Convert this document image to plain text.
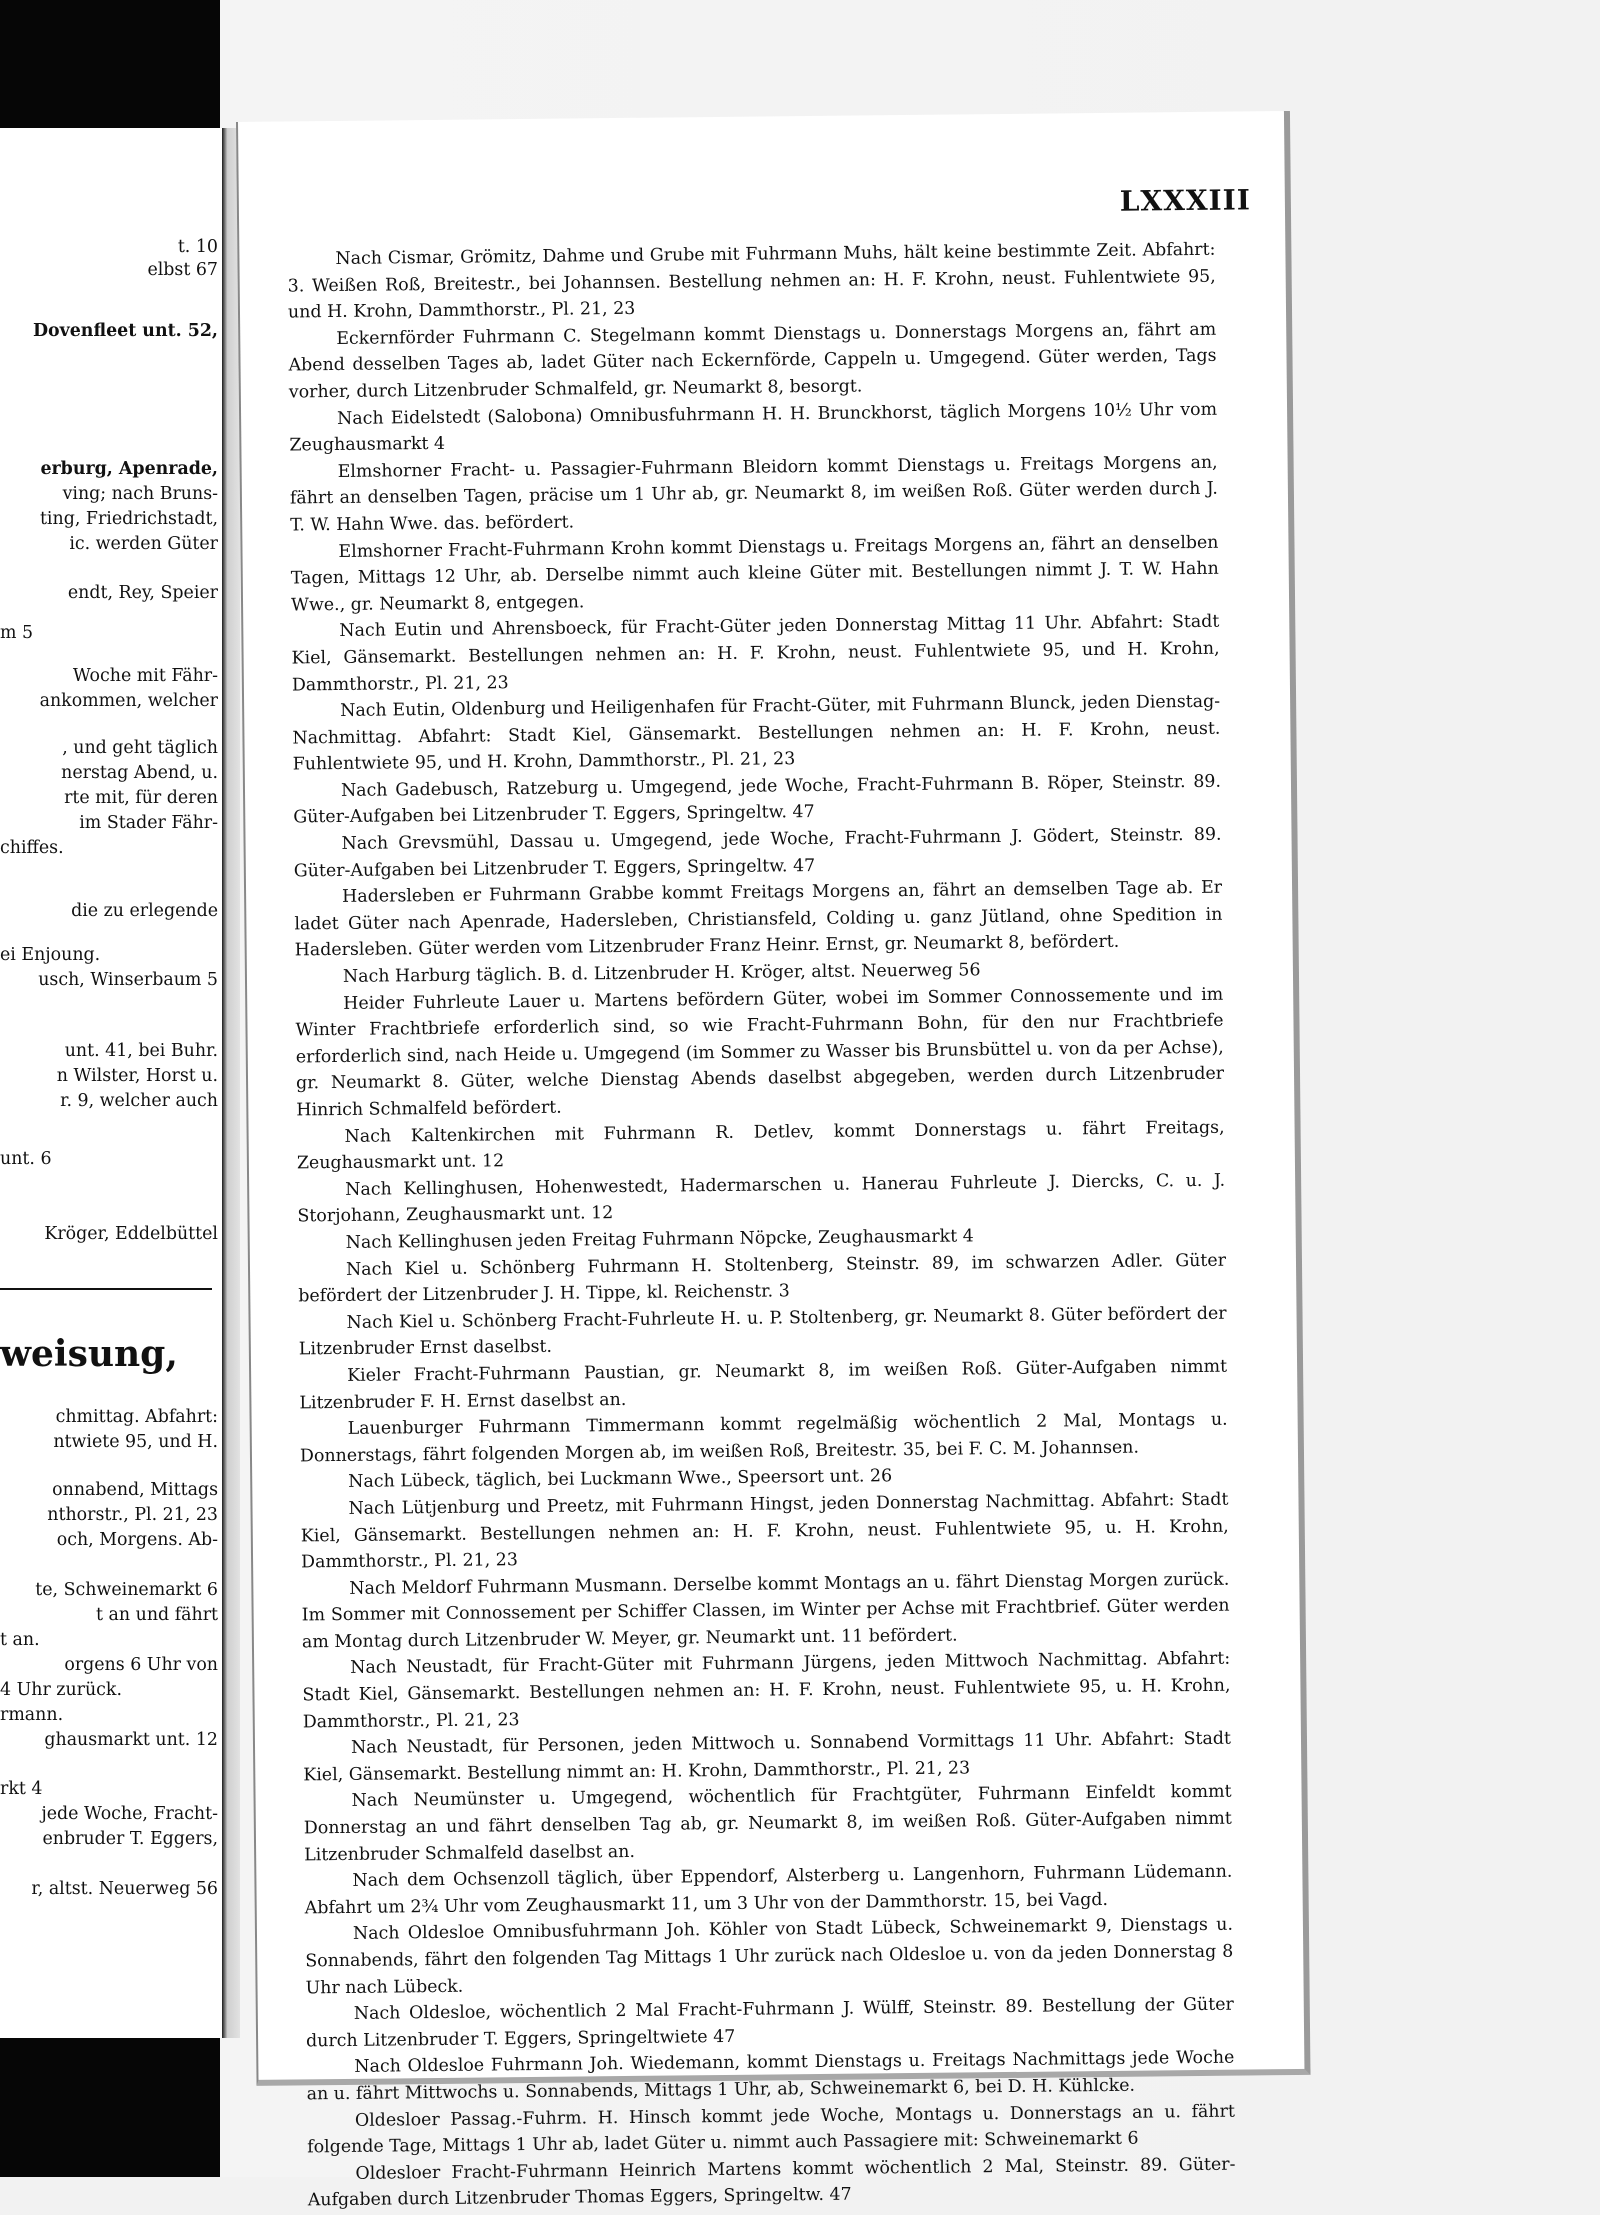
t. 10
elbst 67
Dovenfleet unt. 52,
erburg, Apenrade,
ving; nach Bruns-
ting, Friedrichstadt,
ic. werden Güter
endt, Rey, Speier
m 5
Woche mit Fähr-
ankommen, welcher
, und geht täglich
nerstag Abend, u.
rte mit, für deren
im Stader Fähr-
chiffes.
die zu erlegende
ei Enjoung.
usch, Winserbaum 5
unt. 41, bei Buhr.
n Wilster, Horst u.
r. 9, welcher auch
unt. 6
Kröger, Eddelbüttel
weisung,
chmittag. Abfahrt:
ntwiete 95, und H.
onnabend, Mittags
nthorstr., Pl. 21, 23
och, Morgens. Ab-
te, Schweinemarkt 6
t an und fährt
t an.
orgens 6 Uhr von
4 Uhr zurück.
rmann.
ghausmarkt unt. 12
rkt 4
jede Woche, Fracht-
enbruder T. Eggers,
r, altst. Neuerweg 56
LXXXIII

Nach Cismar, Grömitz, Dahme und Grube mit Fuhrmann Muhs, hält keine bestimmte Zeit. Abfahrt: 3. Weißen Roß, Breitestr., bei Johannsen. Bestellung nehmen an: H. F. Krohn, neust. Fuhlentwiete 95, und H. Krohn, Dammthorstr., Pl. 21, 23

Eckernförder Fuhrmann C. Stegelmann kommt Dienstags u. Donnerstags Morgens an, fährt am Abend desselben Tages ab, ladet Güter nach Eckernförde, Cappeln u. Umgegend. Güter werden, Tags vorher, durch Litzenbruder Schmalfeld, gr. Neumarkt 8, besorgt.

Nach Eidelstedt (Salobona) Omnibusfuhrmann H. H. Brunckhorst, täglich Morgens 10½ Uhr vom Zeughausmarkt 4

Elmshorner Fracht- u. Passagier-Fuhrmann Bleidorn kommt Dienstags u. Freitags Morgens an, fährt an denselben Tagen, präcise um 1 Uhr ab, gr. Neumarkt 8, im weißen Roß. Güter werden durch J. T. W. Hahn Wwe. das. befördert.

Elmshorner Fracht-Fuhrmann Krohn kommt Dienstags u. Freitags Morgens an, fährt an denselben Tagen, Mittags 12 Uhr, ab. Derselbe nimmt auch kleine Güter mit. Bestellungen nimmt J. T. W. Hahn Wwe., gr. Neumarkt 8, entgegen.

Nach Eutin und Ahrensboeck, für Fracht-Güter jeden Donnerstag Mittag 11 Uhr. Abfahrt: Stadt Kiel, Gänsemarkt. Bestellungen nehmen an: H. F. Krohn, neust. Fuhlentwiete 95, und H. Krohn, Dammthorstr., Pl. 21, 23

Nach Eutin, Oldenburg und Heiligenhafen für Fracht-Güter, mit Fuhrmann Blunck, jeden Dienstag-Nachmittag. Abfahrt: Stadt Kiel, Gänsemarkt. Bestellungen nehmen an: H. F. Krohn, neust. Fuhlentwiete 95, und H. Krohn, Dammthorstr., Pl. 21, 23

Nach Gadebusch, Ratzeburg u. Umgegend, jede Woche, Fracht-Fuhrmann B. Röper, Steinstr. 89. Güter-Aufgaben bei Litzenbruder T. Eggers, Springeltw. 47

Nach Grevsmühl, Dassau u. Umgegend, jede Woche, Fracht-Fuhrmann J. Gödert, Steinstr. 89. Güter-Aufgaben bei Litzenbruder T. Eggers, Springeltw. 47

Hadersleben er Fuhrmann Grabbe kommt Freitags Morgens an, fährt an demselben Tage ab. Er ladet Güter nach Apenrade, Hadersleben, Christiansfeld, Colding u. ganz Jütland, ohne Spedition in Hadersleben. Güter werden vom Litzenbruder Franz Heinr. Ernst, gr. Neumarkt 8, befördert.

Nach Harburg täglich. B. d. Litzenbruder H. Kröger, altst. Neuerweg 56

Heider Fuhrleute Lauer u. Martens befördern Güter, wobei im Sommer Connossemente und im Winter Frachtbriefe erforderlich sind, so wie Fracht-Fuhrmann Bohn, für den nur Frachtbriefe erforderlich sind, nach Heide u. Umgegend (im Sommer zu Wasser bis Brunsbüttel u. von da per Achse), gr. Neumarkt 8. Güter, welche Dienstag Abends daselbst abgegeben, werden durch Litzenbruder Hinrich Schmalfeld befördert.

Nach Kaltenkirchen mit Fuhrmann R. Detlev, kommt Donnerstags u. fährt Freitags, Zeughausmarkt unt. 12

Nach Kellinghusen, Hohenwestedt, Hadermarschen u. Hanerau Fuhrleute J. Diercks, C. u. J. Storjohann, Zeughausmarkt unt. 12

Nach Kellinghusen jeden Freitag Fuhrmann Nöpcke, Zeughausmarkt 4

Nach Kiel u. Schönberg Fuhrmann H. Stoltenberg, Steinstr. 89, im schwarzen Adler. Güter befördert der Litzenbruder J. H. Tippe, kl. Reichenstr. 3

Nach Kiel u. Schönberg Fracht-Fuhrleute H. u. P. Stoltenberg, gr. Neumarkt 8. Güter befördert der Litzenbruder Ernst daselbst.

Kieler Fracht-Fuhrmann Paustian, gr. Neumarkt 8, im weißen Roß. Güter-Aufgaben nimmt Litzenbruder F. H. Ernst daselbst an.

Lauenburger Fuhrmann Timmermann kommt regelmäßig wöchentlich 2 Mal, Montags u. Donnerstags, fährt folgenden Morgen ab, im weißen Roß, Breitestr. 35, bei F. C. M. Johannsen.

Nach Lübeck, täglich, bei Luckmann Wwe., Speersort unt. 26

Nach Lütjenburg und Preetz, mit Fuhrmann Hingst, jeden Donnerstag Nachmittag. Abfahrt: Stadt Kiel, Gänsemarkt. Bestellungen nehmen an: H. F. Krohn, neust. Fuhlentwiete 95, u. H. Krohn, Dammthorstr., Pl. 21, 23

Nach Meldorf Fuhrmann Musmann. Derselbe kommt Montags an u. fährt Dienstag Morgen zurück. Im Sommer mit Connossement per Schiffer Classen, im Winter per Achse mit Frachtbrief. Güter werden am Montag durch Litzenbruder W. Meyer, gr. Neumarkt unt. 11 befördert.

Nach Neustadt, für Fracht-Güter mit Fuhrmann Jürgens, jeden Mittwoch Nachmittag. Abfahrt: Stadt Kiel, Gänsemarkt. Bestellungen nehmen an: H. F. Krohn, neust. Fuhlentwiete 95, u. H. Krohn, Dammthorstr., Pl. 21, 23

Nach Neustadt, für Personen, jeden Mittwoch u. Sonnabend Vormittags 11 Uhr. Abfahrt: Stadt Kiel, Gänsemarkt. Bestellung nimmt an: H. Krohn, Dammthorstr., Pl. 21, 23

Nach Neumünster u. Umgegend, wöchentlich für Frachtgüter, Fuhrmann Einfeldt kommt Donnerstag an und fährt denselben Tag ab, gr. Neumarkt 8, im weißen Roß. Güter-Aufgaben nimmt Litzenbruder Schmalfeld daselbst an.

Nach dem Ochsenzoll täglich, über Eppendorf, Alsterberg u. Langenhorn, Fuhrmann Lüdemann. Abfahrt um 2¾ Uhr vom Zeughausmarkt 11, um 3 Uhr von der Dammthorstr. 15, bei Vagd.

Nach Oldesloe Omnibusfuhrmann Joh. Köhler von Stadt Lübeck, Schweinemarkt 9, Dienstags u. Sonnabends, fährt den folgenden Tag Mittags 1 Uhr zurück nach Oldesloe u. von da jeden Donnerstag 8 Uhr nach Lübeck.

Nach Oldesloe, wöchentlich 2 Mal Fracht-Fuhrmann J. Wülff, Steinstr. 89. Bestellung der Güter durch Litzenbruder T. Eggers, Springeltwiete 47

Nach Oldesloe Fuhrmann Joh. Wiedemann, kommt Dienstags u. Freitags Nachmittags jede Woche an u. fährt Mittwochs u. Sonnabends, Mittags 1 Uhr, ab, Schweinemarkt 6, bei D. H. Kühlcke.

Oldesloer Passag.-Fuhrm. H. Hinsch kommt jede Woche, Montags u. Donnerstags an u. fährt folgende Tage, Mittags 1 Uhr ab, ladet Güter u. nimmt auch Passagiere mit: Schweinemarkt 6

Oldesloer Fracht-Fuhrmann Heinrich Martens kommt wöchentlich 2 Mal, Steinstr. 89. Güter-Aufgaben durch Litzenbruder Thomas Eggers, Springeltw. 47
